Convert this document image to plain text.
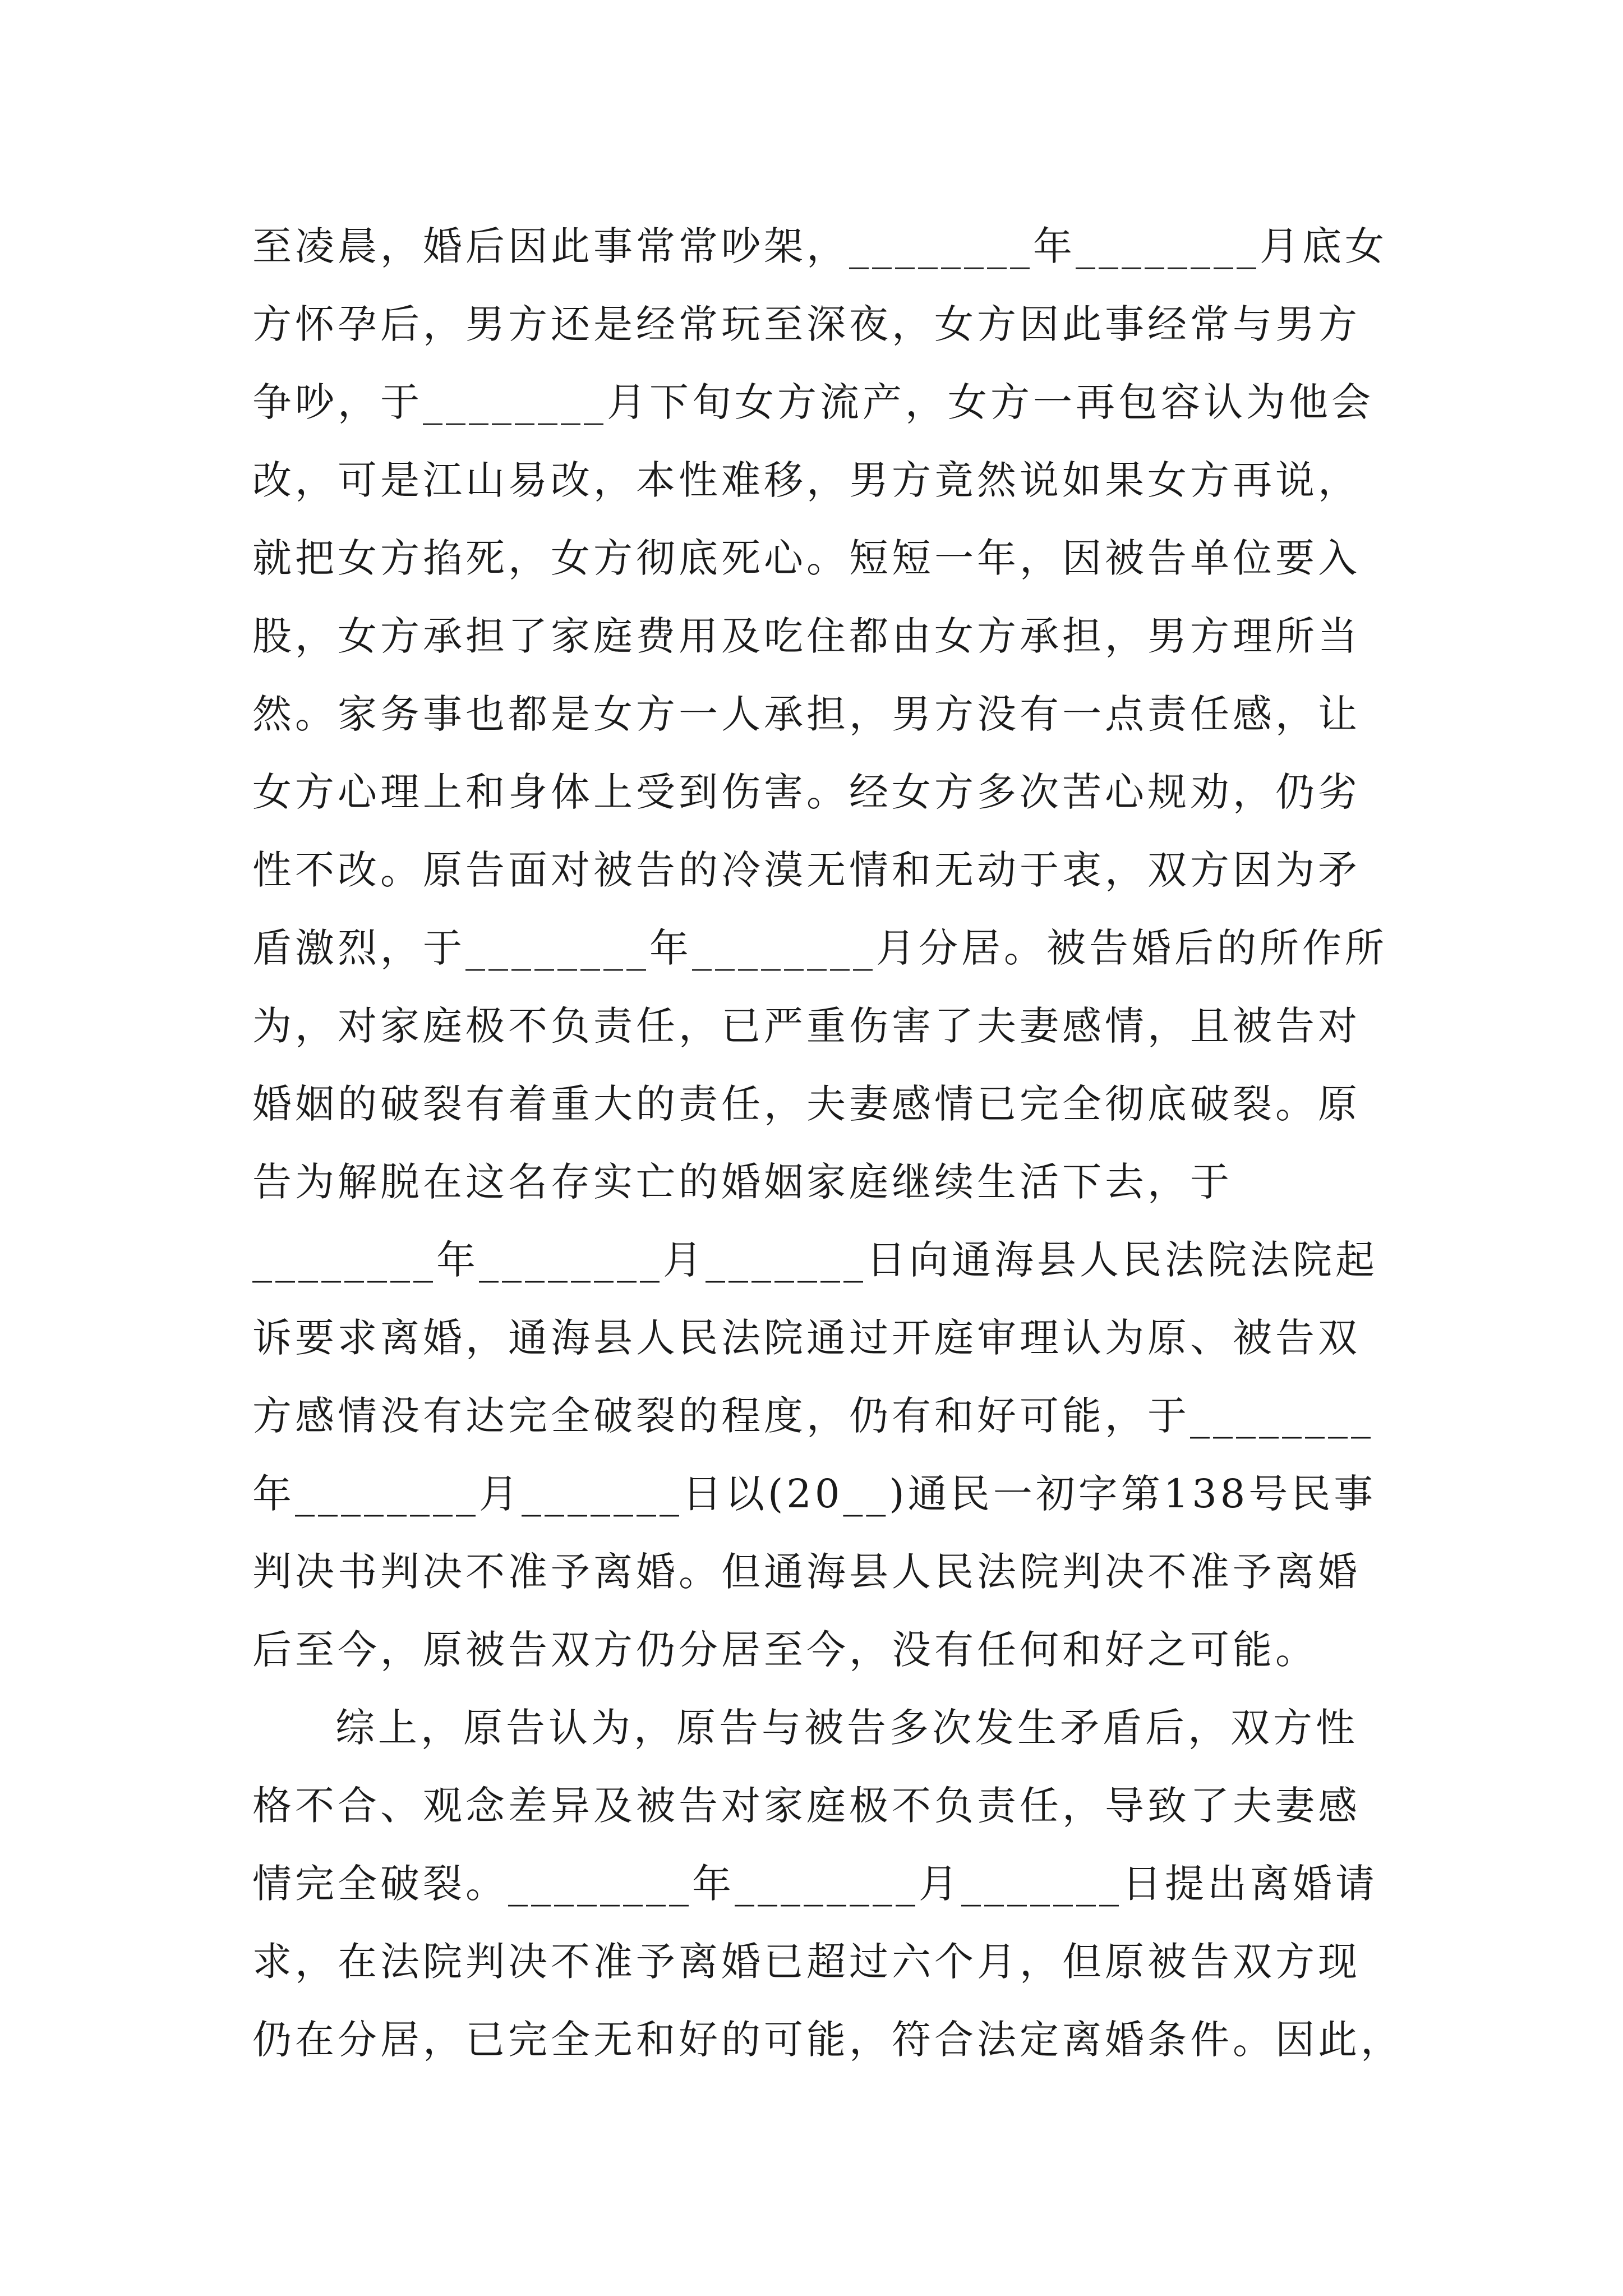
至凌晨，婚后因此事常常吵架，________年________月底女
方怀孕后，男方还是经常玩至深夜，女方因此事经常与男方
争吵，于________月下旬女方流产，女方一再包容认为他会
改，可是江山易改，本性难移，男方竟然说如果女方再说，
就把女方掐死，女方彻底死心。短短一年，因被告单位要入
股，女方承担了家庭费用及吃住都由女方承担，男方理所当
然。家务事也都是女方一人承担，男方没有一点责任感，让
女方心理上和身体上受到伤害。经女方多次苦心规劝，仍劣
性不改。原告面对被告的冷漠无情和无动于衷，双方因为矛
盾激烈，于________年________月分居。被告婚后的所作所
为，对家庭极不负责任，已严重伤害了夫妻感情，且被告对
婚姻的破裂有着重大的责任，夫妻感情已完全彻底破裂。原
告为解脱在这名存实亡的婚姻家庭继续生活下去，于
________年________月_______日向通海县人民法院法院起
诉要求离婚，通海县人民法院通过开庭审理认为原、被告双
方感情没有达完全破裂的程度，仍有和好可能，于________
年________月_______日以(20__)通民一初字第138号民事
判决书判决不准予离婚。但通海县人民法院判决不准予离婚
后至今，原被告双方仍分居至今，没有任何和好之可能。
综上，原告认为，原告与被告多次发生矛盾后，双方性
格不合、观念差异及被告对家庭极不负责任，导致了夫妻感
情完全破裂。________年________月_______日提出离婚请
求，在法院判决不准予离婚已超过六个月，但原被告双方现
仍在分居，已完全无和好的可能，符合法定离婚条件。因此，
